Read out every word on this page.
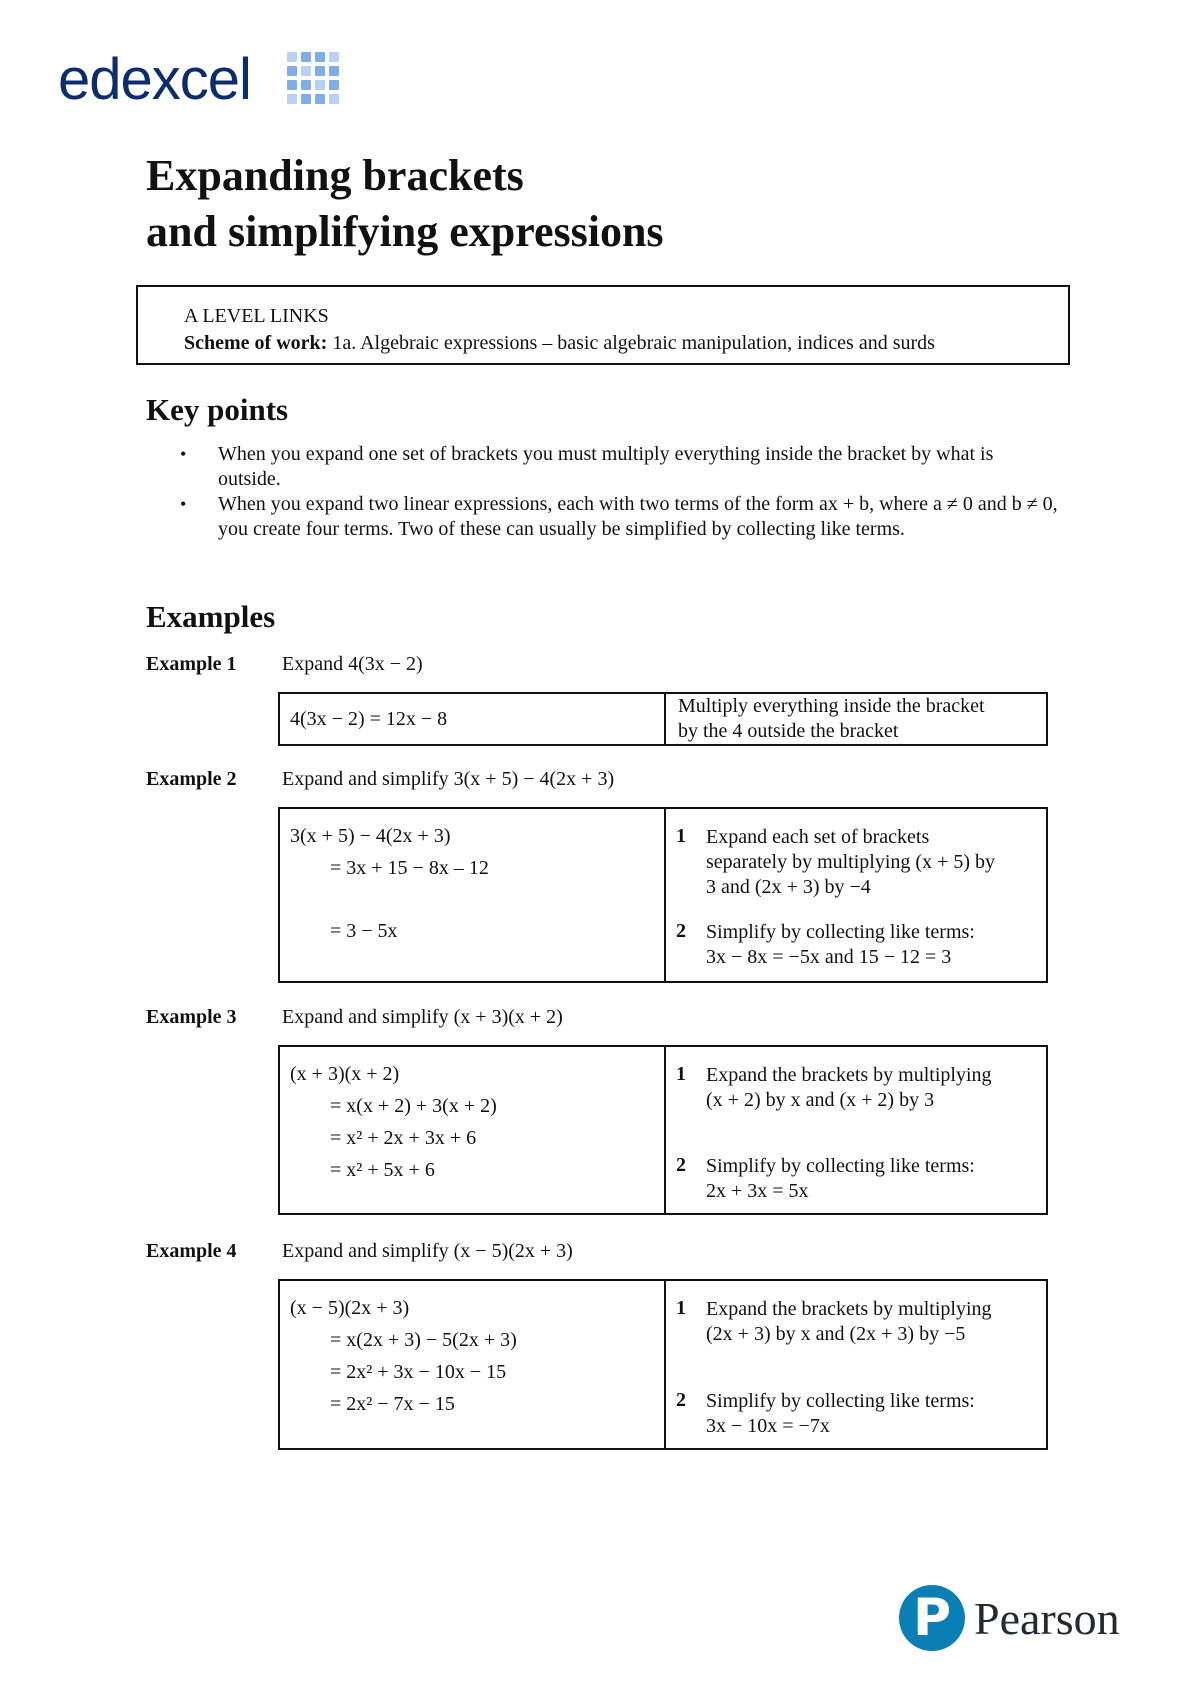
edexcel
Expanding brackets
and simplifying expressions
A LEVEL LINKS
Scheme of work: 1a. Algebraic expressions – basic algebraic manipulation, indices and surds
Key points
• When you expand one set of brackets you must multiply everything inside the bracket by what is outside.
• When you expand two linear expressions, each with two terms of the form ax + b, where a ≠ 0 and b ≠ 0, you create four terms. Two of these can usually be simplified by collecting like terms.
Examples
Example 1 Expand 4(3x − 2)
4(3x − 2) = 12x − 8
Multiply everything inside the bracket
by the 4 outside the bracket
Example 2 Expand and simplify 3(x + 5) − 4(2x + 3)
3(x + 5) − 4(2x + 3)
= 3x + 15 − 8x – 12
= 3 − 5x
1 Expand each set of brackets
separately by multiplying (x + 5) by
3 and (2x + 3) by −4
2 Simplify by collecting like terms:
3x − 8x = −5x and 15 − 12 = 3
Example 3 Expand and simplify (x + 3)(x + 2)
(x + 3)(x + 2)
= x(x + 2) + 3(x + 2)
= x² + 2x + 3x + 6
= x² + 5x + 6
1 Expand the brackets by multiplying
(x + 2) by x and (x + 2) by 3
2 Simplify by collecting like terms:
2x + 3x = 5x
Example 4 Expand and simplify (x − 5)(2x + 3)
(x − 5)(2x + 3)
= x(2x + 3) − 5(2x + 3)
= 2x² + 3x − 10x − 15
= 2x² − 7x − 15
1 Expand the brackets by multiplying
(2x + 3) by x and (2x + 3) by −5
2 Simplify by collecting like terms:
3x − 10x = −7x
P Pearson
